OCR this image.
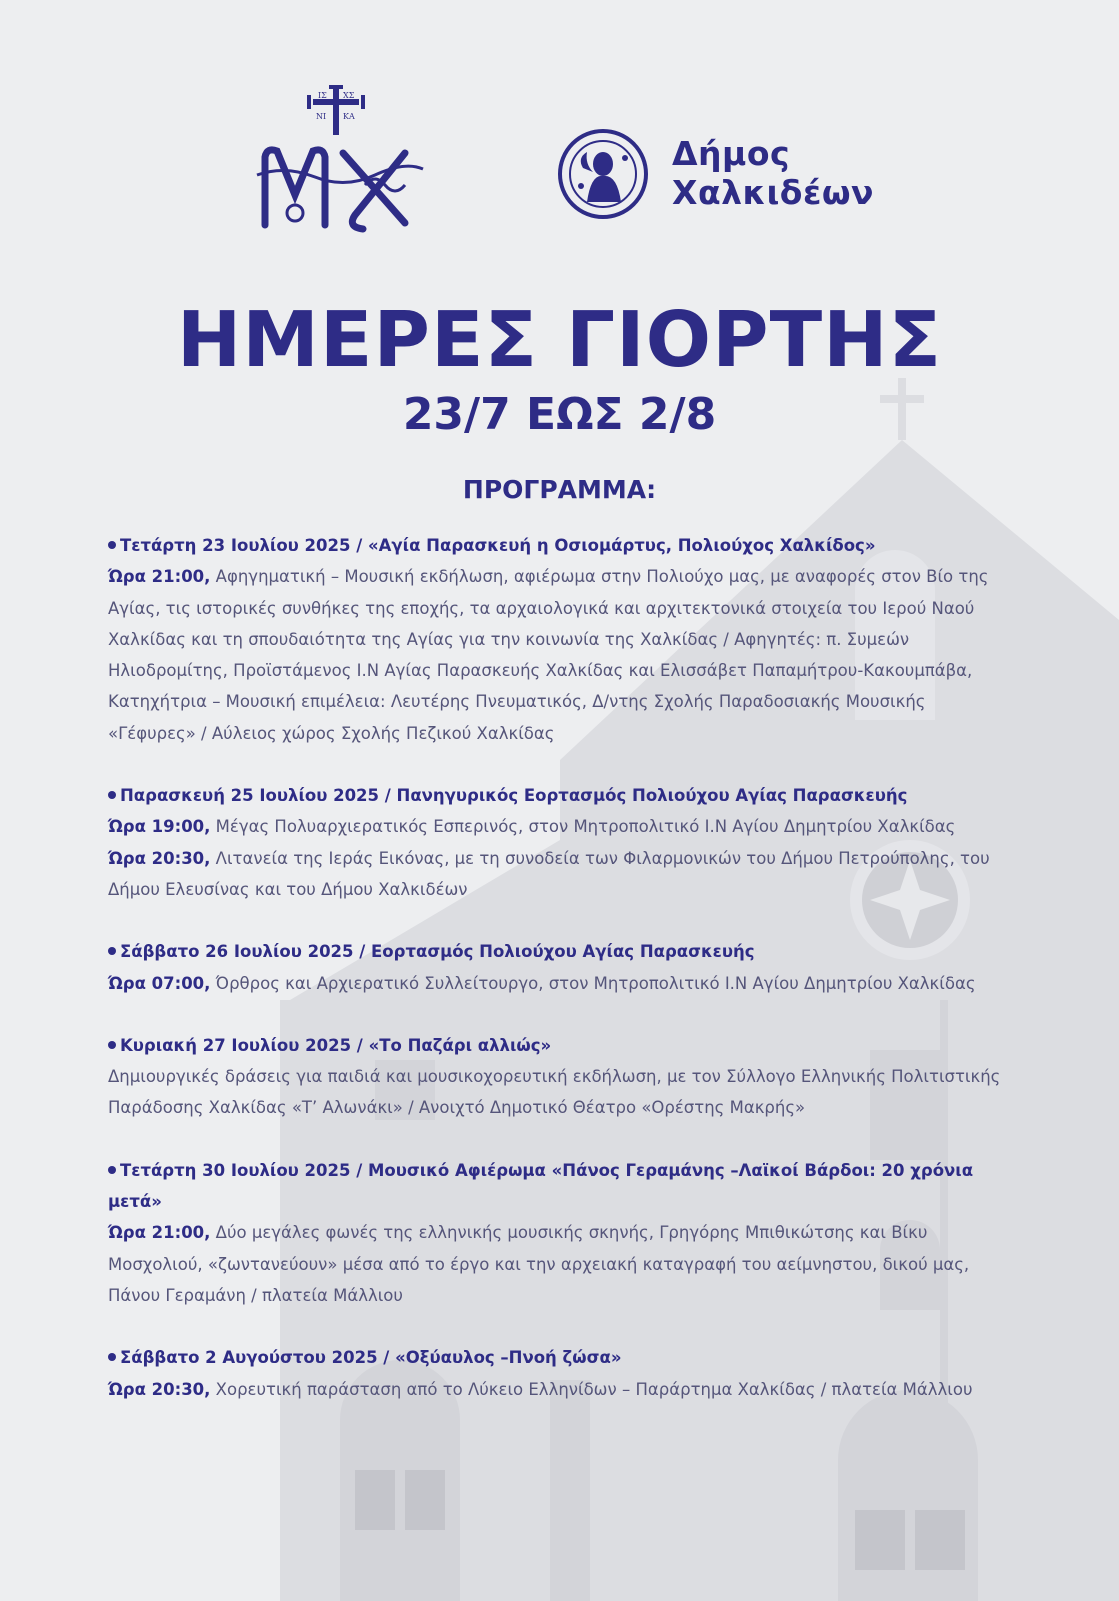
ΙΣ ΧΣ
ΝΙ ΚΑ
Δήμος
Χαλκιδέων
ΗΜΕΡΕΣ ΓΙΟΡΤΗΣ
23/7 ΕΩΣ 2/8
ΠΡΟΓΡΑΜΜΑ:
Τετάρτη 23 Ιουλίου 2025 / «Αγία Παρασκευή η Οσιομάρτυς, Πολιούχος Χαλκίδος»
Ώρα 21:00, Αφηγηματική – Μουσική εκδήλωση, αφιέρωμα στην Πολιούχο μας, με αναφορές στον Βίο της Αγίας, τις ιστορικές συνθήκες της εποχής, τα αρχαιολογικά και αρχιτεκτονικά στοιχεία του Ιερού Ναού Χαλκίδας και τη σπουδαιότητα της Αγίας για την κοινωνία της Χαλκίδας / Αφηγητές: π. Συμεών Ηλιοδρομίτης, Προϊστάμενος Ι.Ν Αγίας Παρασκευής Χαλκίδας και Ελισσάβετ Παπαμήτρου-Κακουμπάβα, Κατηχήτρια – Μουσική επιμέλεια: Λευτέρης Πνευματικός, Δ/ντης Σχολής Παραδοσιακής Μουσικής «Γέφυρες» / Αύλειος χώρος Σχολής Πεζικού Χαλκίδας
Παρασκευή 25 Ιουλίου 2025 / Πανηγυρικός Εορτασμός Πολιούχου Αγίας Παρασκευής
Ώρα 19:00, Μέγας Πολυαρχιερατικός Εσπερινός, στον Μητροπολιτικό Ι.Ν Αγίου Δημητρίου Χαλκίδας
Ώρα 20:30, Λιτανεία της Ιεράς Εικόνας, με τη συνοδεία των Φιλαρμονικών του Δήμου Πετρούπολης, του Δήμου Ελευσίνας και του Δήμου Χαλκιδέων
Σάββατο 26 Ιουλίου 2025 / Εορτασμός Πολιούχου Αγίας Παρασκευής
Ώρα 07:00, Όρθρος και Αρχιερατικό Συλλείτουργο, στον Μητροπολιτικό Ι.Ν Αγίου Δημητρίου Χαλκίδας
Κυριακή 27 Ιουλίου 2025 / «Το Παζάρι αλλιώς»
Δημιουργικές δράσεις για παιδιά και μουσικοχορευτική εκδήλωση, με τον Σύλλογο Ελληνικής Πολιτιστικής Παράδοσης Χαλκίδας «Τ’ Αλωνάκι» / Ανοιχτό Δημοτικό Θέατρο «Ορέστης Μακρής»
Τετάρτη 30 Ιουλίου 2025 / Μουσικό Αφιέρωμα «Πάνος Γεραμάνης –Λαϊκοί Βάρδοι: 20 χρόνια μετά»
Ώρα 21:00, Δύο μεγάλες φωνές της ελληνικής μουσικής σκηνής, Γρηγόρης Μπιθικώτσης και Βίκυ Μοσχολιού, «ζωντανεύουν» μέσα από το έργο και την αρχειακή καταγραφή του αείμνηστου, δικού μας, Πάνου Γεραμάνη / πλατεία Μάλλιου
Σάββατο 2 Αυγούστου 2025 / «Οξύαυλος –Πνοή ζώσα»
Ώρα 20:30, Χορευτική παράσταση από το Λύκειο Ελληνίδων – Παράρτημα Χαλκίδας / πλατεία Μάλλιου
